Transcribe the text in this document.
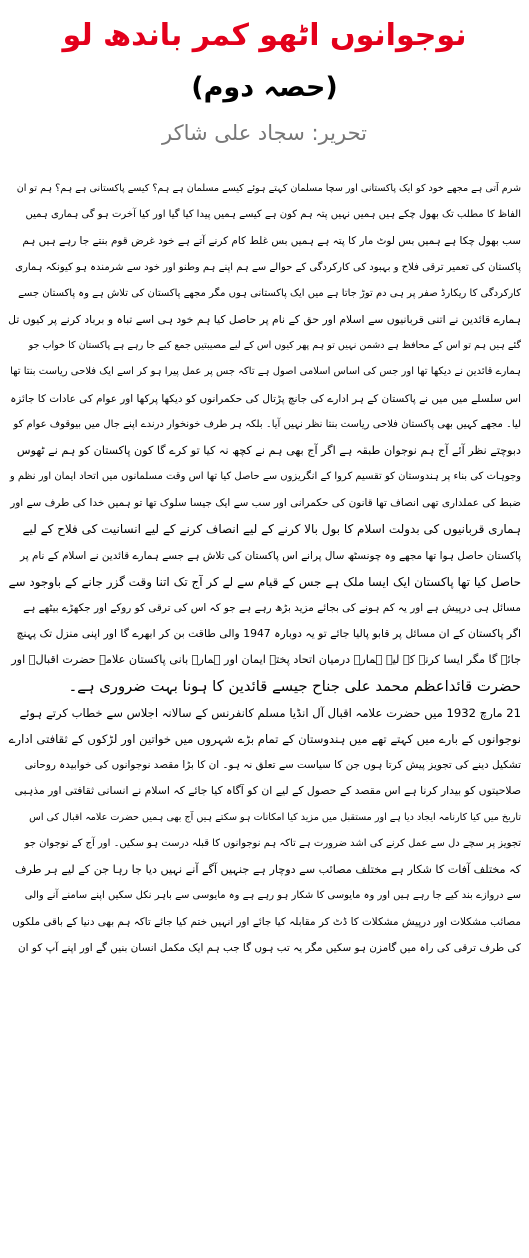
نوجوانوں اٹھو کمر باندھ لو
(حصہ دوم)
تحریر: سجاد علی شاکر
شرم آتی ہے مجھے خود کو ایک پاکستانی اور سچا مسلمان کہتے ہوئے کیسے مسلمان ہے ہم؟ کیسے پاکستانی ہے ہم؟ ہم تو ان
الفاظ کا مطلب تک بھول چکے ہیں ہمیں نہیں پتہ ہم کون ہے کیسے ہمیں پیدا کیا گیا اور کیا آخرت ہو گی ہماری ہمیں
سب بھول چکا ہے ہمیں بس لوٹ مار کا پتہ ہے ہمیں بس غلط کام کرنے آتے ہے خود غرض قوم بنتے جا رہے ہیں ہم
پاکستان کی تعمیر ترقی فلاح و بہبود کی کارکردگی کے حوالے سے ہم اپنے ہم وطنو اور خود سے شرمندہ ہو کیونکہ ہماری
کارکردگی کا ریکارڈ صفر پر ہی دم توڑ جاتا ہے میں ایک پاکستانی ہوں مگر مجھے پاکستان کی تلاش ہے وہ پاکستان جسے
ہمارے قائدین نے اتنی قربانیوں سے اسلام اور حق کے نام پر حاصل کیا ہم خود ہی اسے تباہ و برباد کرنے پر کیوں تل
گئے ہیں ہم تو اس کے محافظ ہے دشمن نہیں تو ہم پھر کیوں اس کے لیے مصیبتیں جمع کیے جا رہے ہے پاکستان کا خواب جو
ہمارے قائدین نے دیکھا تھا اور جس کی اساس اسلامی اصول ہے تاکہ جس پر عمل پیرا ہو کر اسے ایک فلاحی ریاست بنتا تھا
اس سلسلے میں میں نے پاکستان کے ہر ادارے کی جانچ پڑتال کی حکمرانوں کو دیکھا پرکھا اور عوام کی عادات کا جائزہ
لیا۔ مجھے کہیں بھی پاکستان فلاحی ریاست بنتا نظر نہیں آیا۔ بلکہ ہر طرف خونخوار درندے اپنے جال میں بیوقوف عوام کو
دبوچتے نظر آئے آج ہم نوجوان طبقہ ہے اگر آج بھی ہم نے کچھ نہ کیا تو کرے گا کون پاکستان کو ہم نے ٹھوس
وجوہات کی بناء پر ہندوستان کو تقسیم کروا کے انگریزوں سے حاصل کیا تھا اس وقت مسلمانوں میں اتحاد ایمان اور نظم و
ضبط کی عملداری تھی انصاف تھا قانون کی حکمرانی اور سب سے ایک جیسا سلوک تھا تو ہمیں خدا کی طرف سے اور
ہماری قربانیوں کی بدولت اسلام کا بول بالا کرنے کے لیے انصاف کرنے کے لیے انسانیت کی فلاح کے لیے
پاکستان حاصل ہوا تھا مجھے وہ چونسٹھ سال پرانے اس پاکستان کی تلاش ہے جسے ہمارے قائدین نے اسلام کے نام پر
حاصل کیا تھا پاکستان ایک ایسا ملک ہے جس کے قیام سے لے کر آج تک اتنا وقت گزر جانے کے باوجود سے
مسائل ہی درپیش ہے اور یہ کم ہونے کی بجائے مزید بڑھ رہے ہے جو کہ اس کی ترقی کو روکے اور جکھڑے بیٹھے ہے
اگر پاکستان کے ان مسائل پر قابو پالیا جائے تو یہ دوبارہ 1947 والی طاقت بن کر ابھرے گا اور اپنی منزل تک پہنچ
جائے گا مگر ایسا کرنے کے لیے ہمارے درمیان اتحاد پختہ ایمان اور ہمارے بانی پاکستان علامہ حضرت اقبالؒ اور
حضرت قائداعظم محمد علی جناح جیسے قائدین کا ہونا بہت ضروری ہے۔
21 مارچ 1932 میں حضرت علامہ اقبال آل انڈیا مسلم کانفرنس کے سالانہ اجلاس سے خطاب کرتے ہوئے
نوجوانوں کے بارے میں کہتے تھے میں ہندوستان کے تمام بڑے شہروں میں خواتین اور لڑکوں کے ثقافتی ادارے
تشکیل دینے کی تجویز پیش کرتا ہوں جن کا سیاست سے تعلق نہ ہو۔ ان کا بڑا مقصد نوجوانوں کی خوابیدہ روحانی
صلاحیتوں کو بیدار کرنا ہے اس مقصد کے حصول کے لیے ان کو آگاہ کیا جائے کہ اسلام نے انسانی ثقافتی اور مذہبی
تاریخ میں کیا کارنامہ ایجاد دیا ہے اور مستقبل میں مزید کیا امکانات ہو سکتے ہیں آج بھی ہمیں حضرت علامہ اقبال کی اس
تجویز پر سچے دل سے عمل کرنے کی اشد ضرورت ہے تاکہ ہم نوجوانوں کا قبلہ درست ہو سکیں۔ اور آج کے نوجوان جو
کہ مختلف آفات کا شکار ہے مختلف مصائب سے دوچار ہے جنہیں آگے آنے نہیں دیا جا رہا جن کے لیے ہر طرف
سے دروازے بند کیے جا رہے ہیں اور وہ مایوسی کا شکار ہو رہے ہے وہ مایوسی سے باہر نکل سکیں اپنے سامنے آنے والی
مصائب مشکلات اور درپیش مشکلات کا ڈٹ کر مقابلہ کیا جائے اور انہیں ختم کیا جائے تاکہ ہم بھی دنیا کے باقی ملکوں
کی طرف ترقی کی راہ میں گامزن ہو سکیں مگر یہ تب ہوں گا جب ہم ایک مکمل انسان بنیں گے اور اپنے آپ کو ان
